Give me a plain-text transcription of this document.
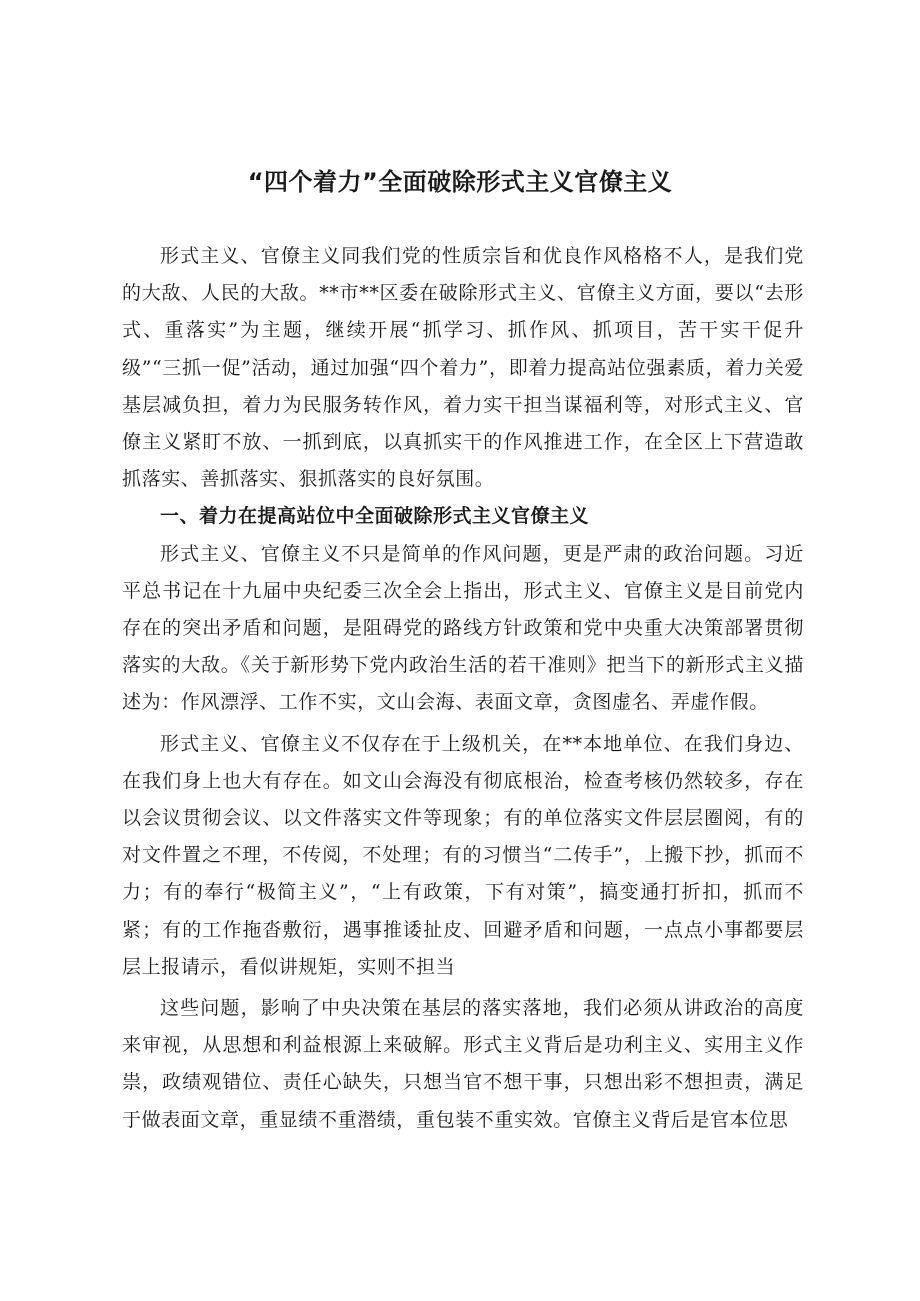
“四个着力”全面破除形式主义官僚主义

形式主义、官僚主义同我们党的性质宗旨和优良作风格格不人，是我们党的大敌、人民的大敌。**市**区委在破除形式主义、官僚主义方面，要以“去形式、重落实”为主题，继续开展“抓学习、抓作风、抓项目，苦干实干促升级”“三抓一促”活动，通过加强“四个着力”，即着力提高站位强素质，着力关爱基层减负担，着力为民服务转作风，着力实干担当谋福利等，对形式主义、官僚主义紧盯不放、一抓到底，以真抓实干的作风推进工作，在全区上下营造敢抓落实、善抓落实、狠抓落实的良好氛围。

一、着力在提高站位中全面破除形式主义官僚主义

形式主义、官僚主义不只是简单的作风问题，更是严肃的政治问题。习近平总书记在十九届中央纪委三次全会上指出，形式主义、官僚主义是目前党内存在的突出矛盾和问题，是阻碍党的路线方针政策和党中央重大决策部署贯彻落实的大敌。《关于新形势下党内政治生活的若干准则》把当下的新形式主义描述为：作风漂浮、工作不实，文山会海、表面文章，贪图虚名、弄虚作假。

形式主义、官僚主义不仅存在于上级机关，在**本地单位、在我们身边、在我们身上也大有存在。如文山会海没有彻底根治，检查考核仍然较多，存在以会议贯彻会议、以文件落实文件等现象；有的单位落实文件层层圈阅，有的对文件置之不理，不传阅，不处理；有的习惯当“二传手”，上搬下抄，抓而不力；有的奉行“极简主义”，“上有政策，下有对策”，搞变通打折扣，抓而不紧；有的工作拖沓敷衍，遇事推诿扯皮、回避矛盾和问题，一点点小事都要层层上报请示，看似讲规矩，实则不担当

这些问题，影响了中央决策在基层的落实落地，我们必须从讲政治的高度来审视，从思想和利益根源上来破解。形式主义背后是功利主义、实用主义作祟，政绩观错位、责任心缺失，只想当官不想干事，只想出彩不想担责，满足于做表面文章，重显绩不重潜绩，重包装不重实效。官僚主义背后是官本位思
